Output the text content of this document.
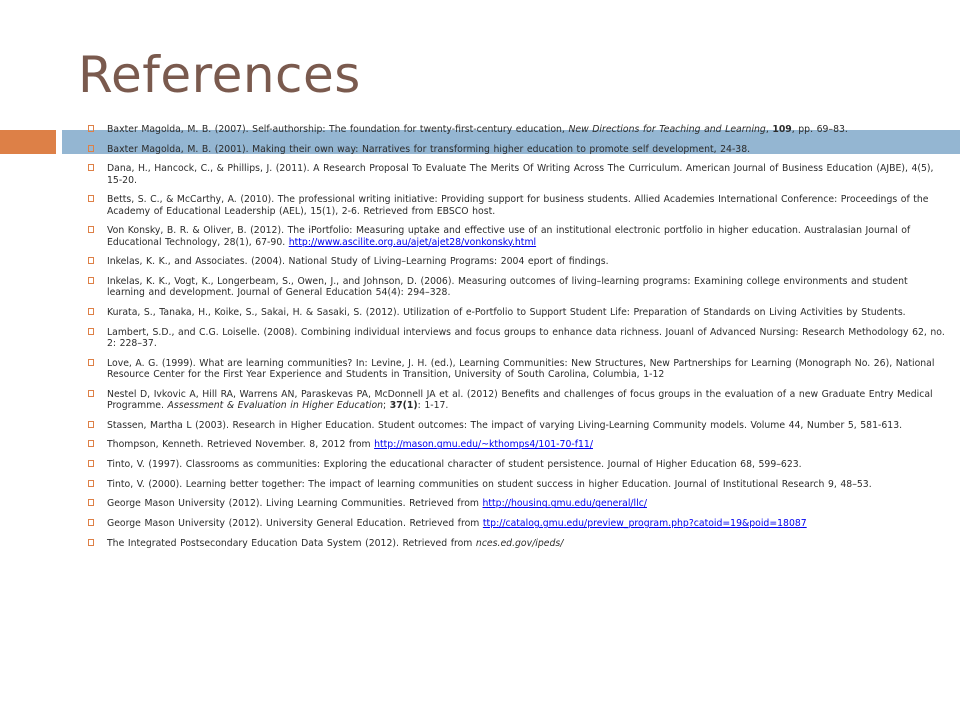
References
Baxter Magolda, M. B. (2007). Self-authorship: The foundation for twenty-first-century education, New Directions for Teaching and Learning, 109, pp. 69–83.
Baxter Magolda, M. B. (2001). Making their own way: Narratives for transforming higher education to promote self development, 24-38.
Dana, H., Hancock, C., & Phillips, J. (2011). A Research Proposal To Evaluate The Merits Of Writing Across The Curriculum. American Journal of Business Education (AJBE), 4(5), 15-20.
Betts, S. C., & McCarthy, A. (2010). The professional writing initiative: Providing support for business students. Allied Academies International Conference: Proceedings of the Academy of Educational Leadership (AEL), 15(1), 2-6. Retrieved from EBSCO host.
Von Konsky, B. R. & Oliver, B. (2012). The iPortfolio: Measuring uptake and effective use of an institutional electronic portfolio in higher education. Australasian Journal of Educational Technology, 28(1), 67-90. http://www.ascilite.org.au/ajet/ajet28/vonkonsky.html
Inkelas, K. K., and Associates. (2004). National Study of Living–Learning Programs: 2004 eport of findings.
Inkelas, K. K., Vogt, K., Longerbeam, S., Owen, J., and Johnson, D. (2006). Measuring outcomes of living–learning programs: Examining college environments and student learning and development. Journal of General Education 54(4): 294–328.
Kurata, S., Tanaka, H., Koike, S., Sakai, H. & Sasaki, S. (2012). Utilization of e-Portfolio to Support Student Life: Preparation of Standards on Living Activities by Students.
Lambert, S.D., and C.G. Loiselle. (2008). Combining individual interviews and focus groups to enhance data richness. Jouanl of Advanced Nursing: Research Methodology 62, no. 2: 228–37.
Love, A. G. (1999). What are learning communities? In: Levine, J. H. (ed.), Learning Communities: New Structures, New Partnerships for Learning (Monograph No. 26), National Resource Center for the First Year Experience and Students in Transition, University of South Carolina, Columbia, 1-12
Nestel D, Ivkovic A, Hill RA, Warrens AN, Paraskevas PA, McDonnell JA et al. (2012) Benefits and challenges of focus groups in the evaluation of a new Graduate Entry Medical Programme. Assessment & Evaluation in Higher Education; 37(1): 1-17.
Stassen, Martha L (2003). Research in Higher Education. Student outcomes: The impact of varying Living-Learning Community models. Volume 44, Number 5, 581-613.
Thompson, Kenneth. Retrieved November. 8, 2012 from http://mason.gmu.edu/~kthomps4/101-70-f11/
Tinto, V. (1997). Classrooms as communities: Exploring the educational character of student persistence. Journal of Higher Education 68, 599–623.
Tinto, V. (2000). Learning better together: The impact of learning communities on student success in higher Education. Journal of Institutional Research 9, 48–53.
George Mason University (2012). Living Learning Communities. Retrieved from http://housing.gmu.edu/general/llc/
George Mason University (2012). University General Education. Retrieved from ttp://catalog.gmu.edu/preview_program.php?catoid=19&poid=18087
The Integrated Postsecondary Education Data System (2012). Retrieved from nces.ed.gov/ipeds/
